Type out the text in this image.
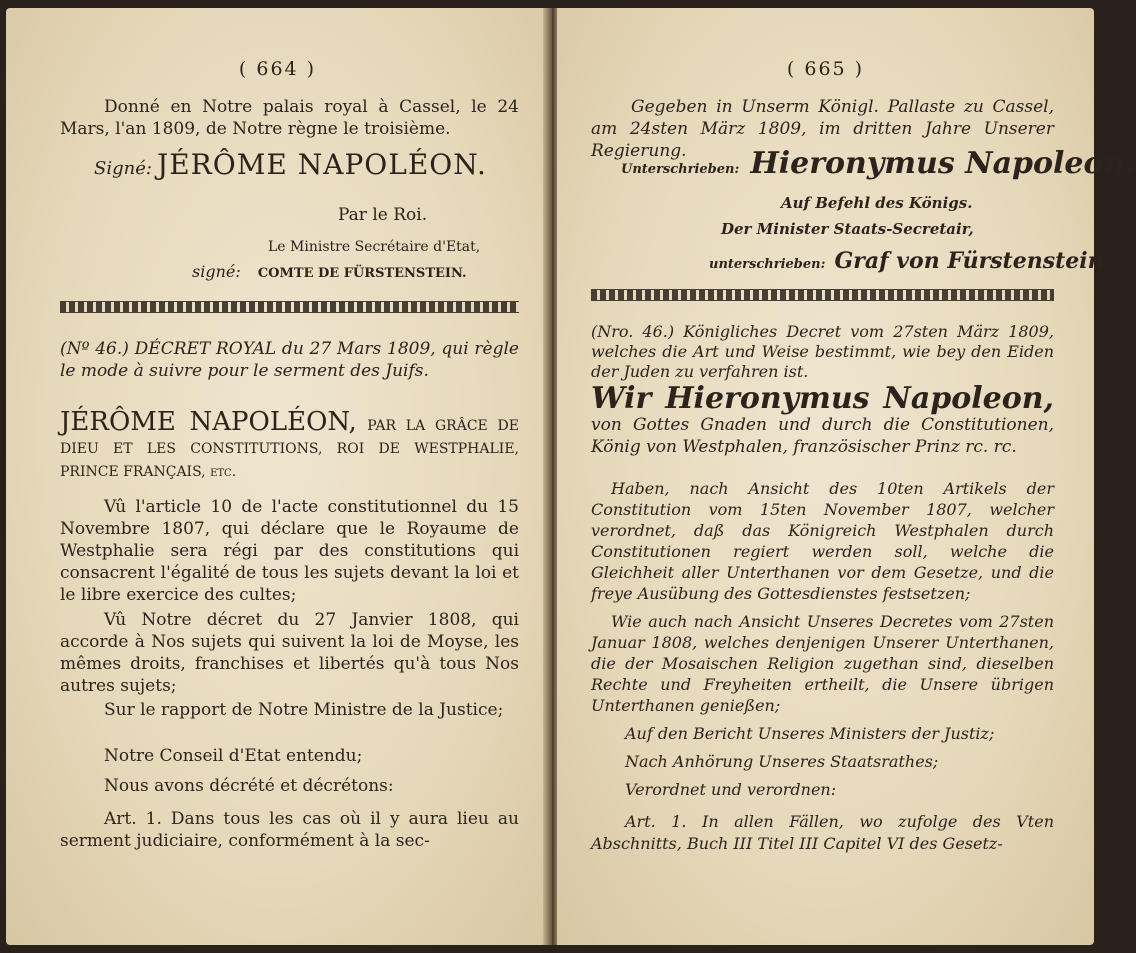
( 664 )

Donné en Notre palais royal à Cassel, le 24 Mars, l'an 1809, de Notre règne le troisième.

Signé: JÉRÔME NAPOLÉON.
Par le Roi.
Le Ministre Secrétaire d'Etat,
signé: COMTE DE FÜRSTENSTEIN.

(Nº 46.) DÉCRET ROYAL du 27 Mars 1809, qui règle le mode à suivre pour le serment des Juifs.

JÉRÔME NAPOLÉON, PAR LA GRÂCE DE DIEU ET LES CONSTITUTIONS, ROI DE WESTPHALIE, PRINCE FRANÇAIS, etc.

Vû l'article 10 de l'acte constitutionnel du 15 Novembre 1807, qui déclare que le Royaume de Westphalie sera régi par des constitutions qui consacrent l'égalité de tous les sujets devant la loi et le libre exercice des cultes;

Vû Notre décret du 27 Janvier 1808, qui accorde à Nos sujets qui suivent la loi de Moyse, les mêmes droits, franchises et libertés qu'à tous Nos autres sujets;

Sur le rapport de Notre Ministre de la Justice;

Notre Conseil d'Etat entendu;

Nous avons décrété et décrétons:

Art. 1. Dans tous les cas où il y aura lieu au serment judiciaire, conformément à la sec-

( 665 )

Gegeben in Unserm Königl. Pallaste zu Cassel, am 24sten März 1809, im dritten Jahre Unserer Regierung.

Unterschrieben: Hieronymus Napoleon.
Auf Befehl des Königs.
Der Minister Staats-Secretair,
unterschrieben: Graf von Fürstenstein.

(Nro. 46.) Königliches Decret vom 27sten März 1809, welches die Art und Weise bestimmt, wie bey den Eiden der Juden zu verfahren ist.

Wir Hieronymus Napoleon, von Gottes Gnaden und durch die Constitutionen, König von Westphalen, französischer Prinz rc. rc.

Haben, nach Ansicht des 10ten Artikels der Constitution vom 15ten November 1807, welcher verordnet, daß das Königreich Westphalen durch Constitutionen regiert werden soll, welche die Gleichheit aller Unterthanen vor dem Gesetze, und die freye Ausübung des Gottesdienstes festsetzen;

Wie auch nach Ansicht Unseres Decretes vom 27sten Januar 1808, welches denjenigen Unserer Unterthanen, die der Mosaischen Religion zugethan sind, dieselben Rechte und Freyheiten ertheilt, die Unsere übrigen Unterthanen genießen;

Auf den Bericht Unseres Ministers der Justiz;

Nach Anhörung Unseres Staatsrathes;

Verordnet und verordnen:

Art. 1. In allen Fällen, wo zufolge des Vten Abschnitts, Buch III Titel III Capitel VI des Gesetz-
